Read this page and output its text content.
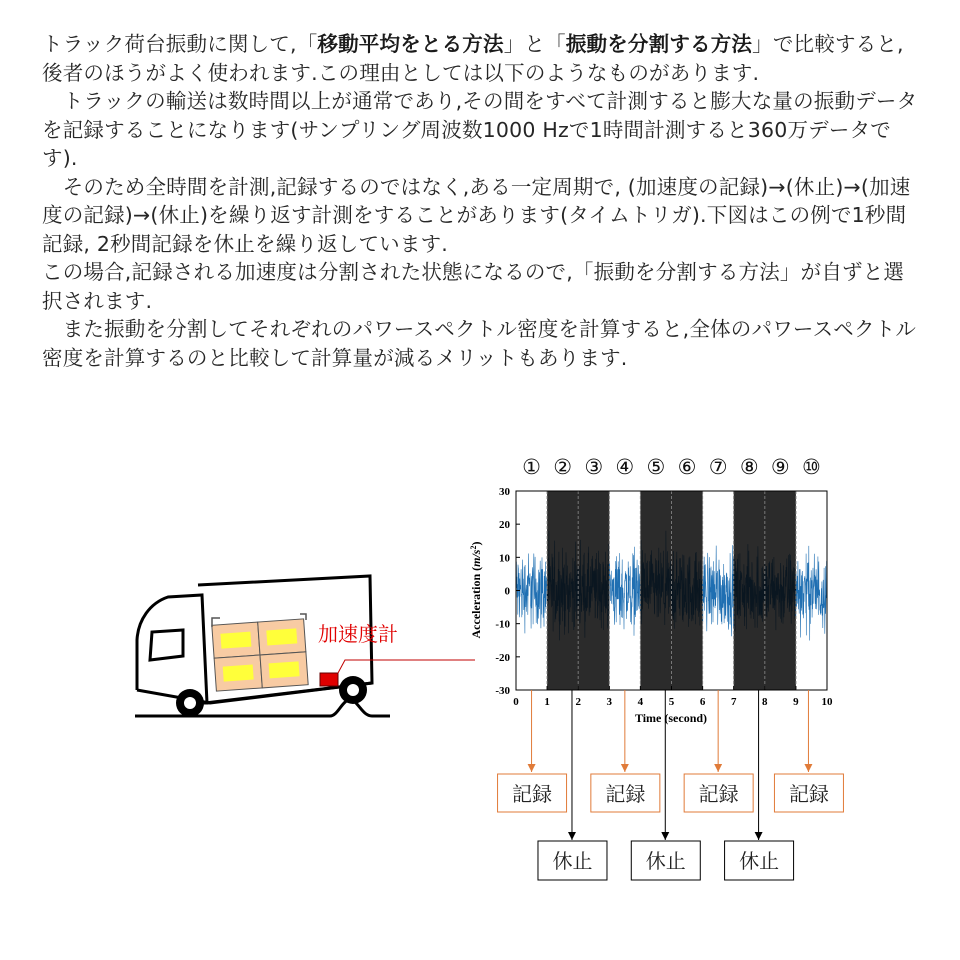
トラック荷台振動に関して,「移動平均をとる方法」と「振動を分割する方法」で比較すると,後者のほうがよく使われます.この理由としては以下のようなものがあります.

　トラックの輸送は数時間以上が通常であり,その間をすべて計測すると膨大な量の振動データを記録することになります(サンプリング周波数1000 Hzで1時間計測すると360万データです).

　そのため全時間を計測,記録するのではなく,ある一定周期で, (加速度の記録)→(休止)→(加速度の記録)→(休止)を繰り返す計測をすることがあります(タイムトリガ).下図はこの例で1秒間記録, 2秒間記録を休止を繰り返しています.

この場合,記録される加速度は分割された状態になるので,「振動を分割する方法」が自ずと選択されます.

　また振動を分割してそれぞれのパワースペクトル密度を計算すると,全体のパワースペクトル密度を計算するのと比較して計算量が減るメリットもあります.

加速度計
30
20
10
0
-10
-20
-30
0 1 2 3 4 5 6 7 8 9 10
① ② ③ ④ ⑤ ⑥ ⑦ ⑧ ⑨ ⑩
Time (second)
Acceleration $(m/s^2)$
記録	記録	記録	記録
休止	休止	休止
